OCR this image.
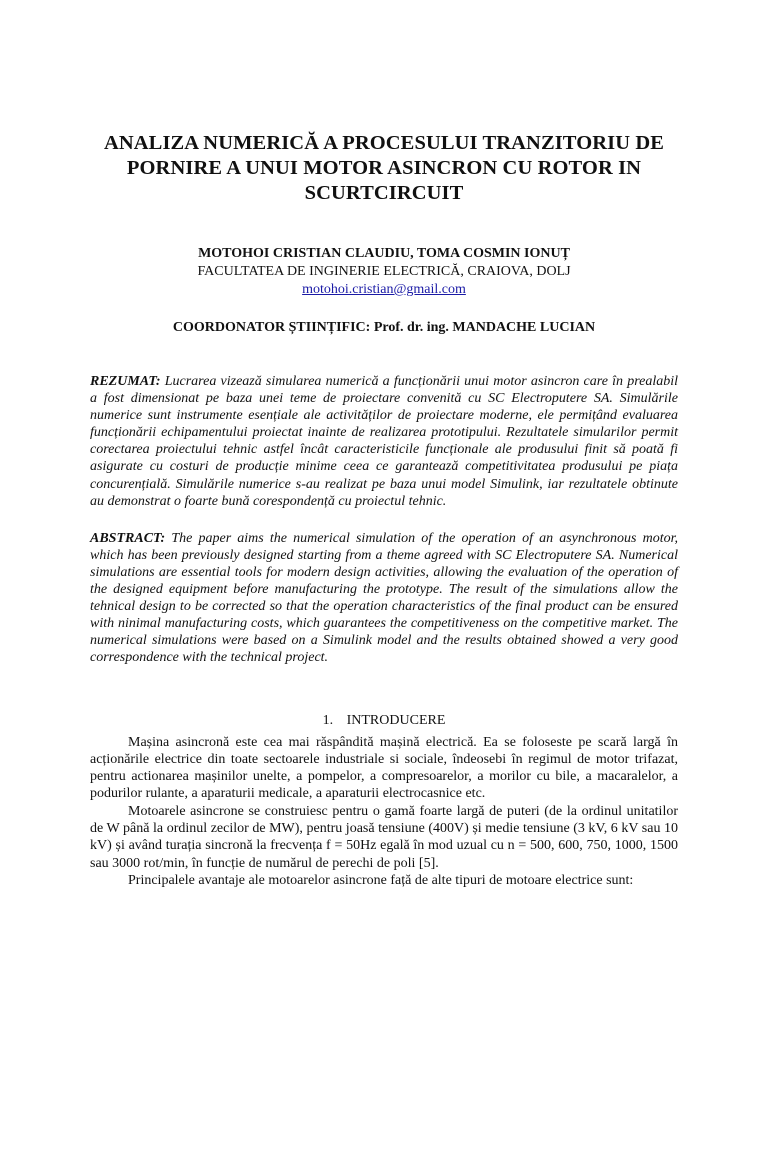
ANALIZA NUMERICĂ A PROCESULUI TRANZITORIU DE
PORNIRE A UNUI MOTOR ASINCRON CU ROTOR IN
SCURTCIRCUIT
MOTOHOI CRISTIAN CLAUDIU, TOMA COSMIN IONUȚ
FACULTATEA DE INGINERIE ELECTRICĂ, CRAIOVA, DOLJ
motohoi.cristian@gmail.com
COORDONATOR ȘTIINȚIFIC: Prof. dr. ing. MANDACHE LUCIAN
REZUMAT: Lucrarea vizează simularea numerică a funcționării unui motor asincron care în prealabil a fost dimensionat pe baza unei teme de proiectare convenită cu SC Electroputere SA. Simulările numerice sunt instrumente esențiale ale activităților de proiectare moderne, ele permițând evaluarea funcționării echipamentului proiectat inainte de realizarea prototipului. Rezultatele simularilor permit corectarea proiectului tehnic astfel încât caracteristicile funcționale ale produsului finit să poată fi asigurate cu costuri de producție minime ceea ce garantează competitivitatea produsului pe piața concurențială. Simulările numerice s-au realizat pe baza unui model Simulink, iar rezultatele obtinute au demonstrat o foarte bună corespondență cu proiectul tehnic.
ABSTRACT: The paper aims the numerical simulation of the operation of an asynchronous motor, which has been previously designed starting from a theme agreed with SC Electroputere SA. Numerical simulations are essential tools for modern design activities, allowing the evaluation of the operation of the designed equipment before manufacturing the prototype. The result of the simulations allow the tehnical design to be corrected so that the operation characteristics of the final product can be ensured with ninimal manufacturing costs, which guarantees the competitiveness on the competitive market. The numerical simulations were based on a Simulink model and the results obtained showed a very good correspondence with the technical project.
1. INTRODUCERE

Mașina asincronă este cea mai răspândită mașină electrică. Ea se foloseste pe scară largă în acționările electrice din toate sectoarele industriale si sociale, îndeosebi în regimul de motor trifazat, pentru actionarea mașinilor unelte, a pompelor, a compresoarelor, a morilor cu bile, a macaralelor, a podurilor rulante, a aparaturii medicale, a aparaturii electrocasnice etc.

Motoarele asincrone se construiesc pentru o gamă foarte largă de puteri (de la ordinul unitatilor de W până la ordinul zecilor de MW), pentru joasă tensiune (400V) și medie tensiune (3 kV, 6 kV sau 10 kV) și având turația sincronă la frecvența f = 50Hz egală în mod uzual cu n = 500, 600, 750, 1000, 1500 sau 3000 rot/min, în funcție de numărul de perechi de poli [5].

Principalele avantaje ale motoarelor asincrone față de alte tipuri de motoare electrice sunt:
